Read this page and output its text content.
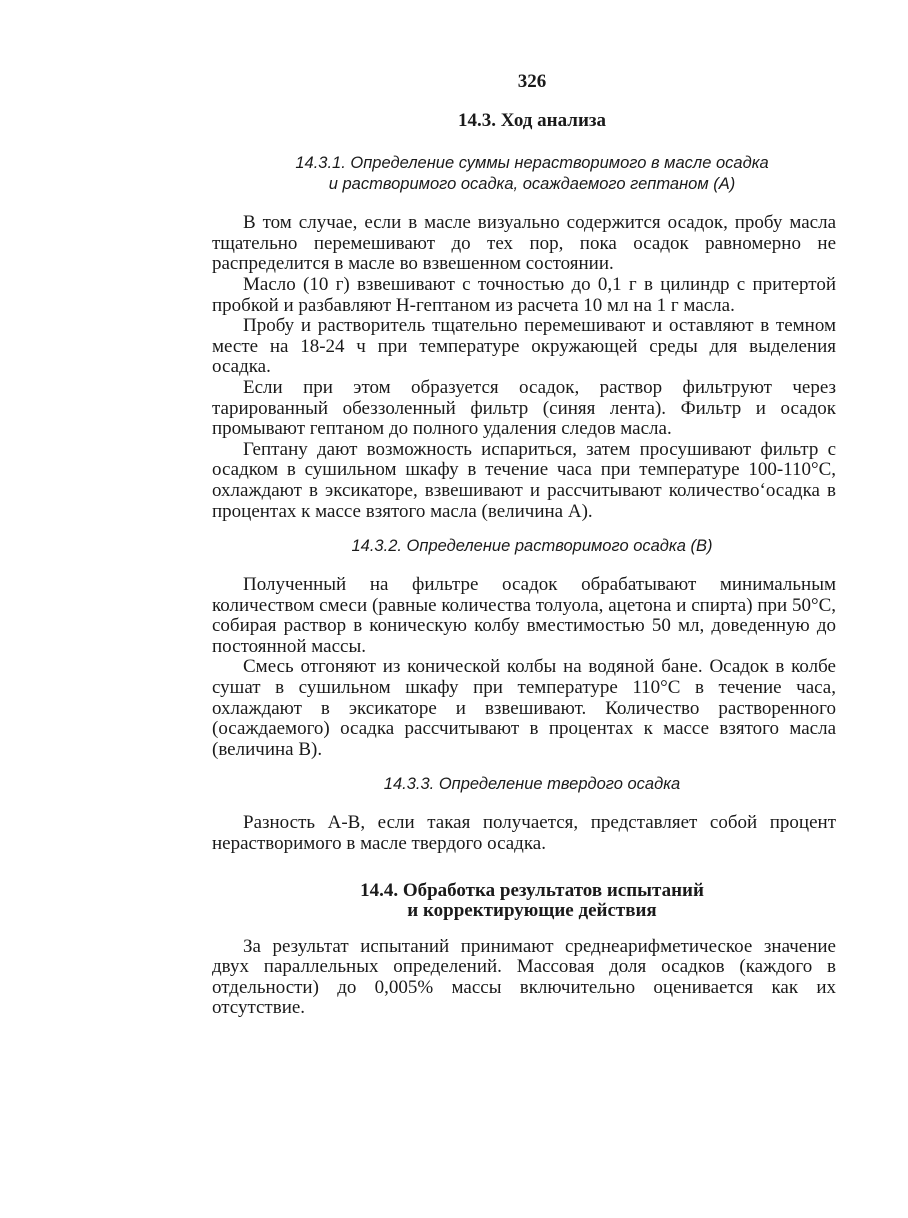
326
14.3. Ход анализа
14.3.1. Определение суммы нерастворимого в масле осадка
и растворимого осадка, осаждаемого гептаном (А)

В том случае, если в масле визуально содержится осадок, пробу масла тщательно перемешивают до тех пор, пока осадок равномерно не распределится в масле во взвешенном состоянии.

Масло (10 г) взвешивают с точностью до 0,1 г в цилиндр с притертой пробкой и разбавляют Н-гептаном из расчета 10 мл на 1 г масла.

Пробу и растворитель тщательно перемешивают и оставляют в темном месте на 18-24 ч при температуре окружающей среды для выделения осадка.

Если при этом образуется осадок, раствор фильтруют через тарированный обеззоленный фильтр (синяя лента). Фильтр и осадок промывают гептаном до полного удаления следов масла.

Гептану дают возможность испариться, затем просушивают фильтр с осадком в сушильном шкафу в течение часа при температуре 100-110°С, охлаждают в эксикаторе, взвешивают и рассчитывают количество‘осадка в процентах к массе взятого масла (величина А).

14.3.2. Определение растворимого осадка (В)

Полученный на фильтре осадок обрабатывают минимальным количеством смеси (равные количества толуола, ацетона и спирта) при 50°С, собирая раствор в коническую колбу вместимостью 50 мл, доведенную до постоянной массы.

Смесь отгоняют из конической колбы на водяной бане. Осадок в колбе сушат в сушильном шкафу при температуре 110°С в течение часа, охлаждают в эксикаторе и взвешивают. Количество растворенного (осаждаемого) осадка рассчитывают в процентах к массе взятого масла (величина В).

14.3.3. Определение твердого осадка

Разность А-В, если такая получается, представляет собой процент нерастворимого в масле твердого осадка.

14.4. Обработка результатов испытаний
и корректирующие действия

За результат испытаний принимают среднеарифметическое значение двух параллельных определений. Массовая доля осадков (каждого в отдельности) до 0,005% массы включительно оценивается как их отсутствие.
